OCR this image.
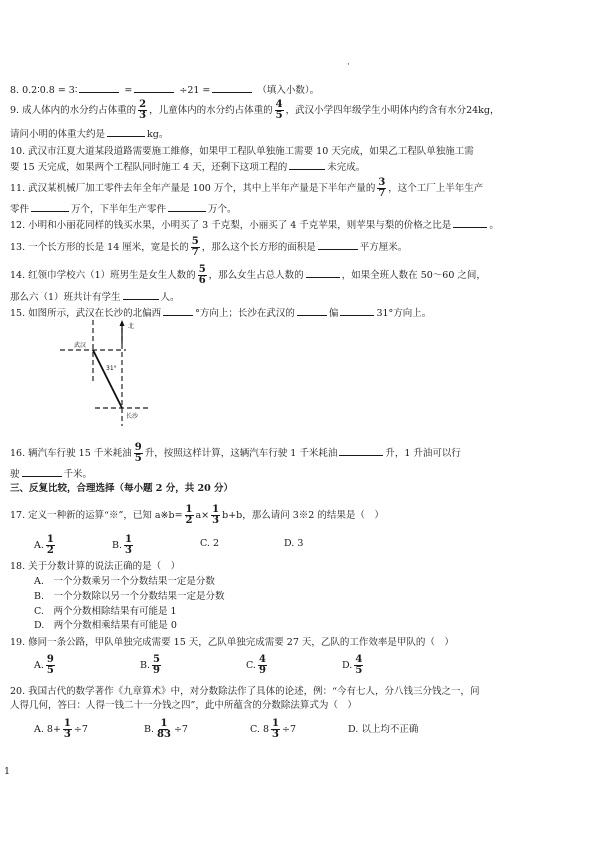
·
8. 0.2∶0.8 = 3∶	=	÷21 =	（填入小数）。
9. 成人体内的水分约占体重的 $\frac{2}{3}$ ，儿童体内的水分约占体重的 $\frac{4}{5}$ ，武汉小学四年级学生小明体内约含有水分24kg，
请问小明的体重大约是	kg。
10. 武汉市江夏大道某段道路需要施工維修，如果甲工程队单独施工需要 10 天完成，如果乙工程队单独施工需
要 15 天完成，如果两个工程队同时施工 4 天，还剩下这项工程的	未完成。
11. 武汉某机械厂加工零件去年全年产量是 100 万个，其中上半年产量是下半年产量的 $\frac{3}{7}$ ，这个工厂上半年生产
零件	万个，下半年生产零件	万个。
12. 小明和小丽花同样的钱买水果，小明买了 3 千克梨，小丽买了 4 千克苹果，则苹果与梨的价格之比是	。
13. 一个长方形的长是 14 厘米，宽是长的 $\frac{5}{7}$ ，那么这个长方形的面积是	平方厘米。
14. 红领巾学校六（1）班男生是女生人数的 $\frac{5}{6}$ ，那么女生占总人数的	，如果全班人数在 50～60 之间，
那么六（1）班共计有学生	人。
15. 如图所示，武汉在长沙的北偏西	°方向上；长沙在武汉的	偏	31°方向上。
北
武汉
长沙
31°
16. 辆汽车行驶 15 千米耗油 $\frac{9}{5}$ 升，按照这样计算，这辆汽车行驶 1 千米耗油	升，1 升油可以行
驶	千米。
三、反复比较，合理选择（每小题 2 分，共 20 分）
17. 定义一种新的运算“※”，已知 a※b= $\frac{1}{2} a\times \frac{1}{3} b+b$，那么请问 3※2 的结果是（　）
A. $\frac{1}{2}$	B. $\frac{1}{3}$	C. 2	D. 3
18. 关于分数计算的说法正确的是（　）
A.　一个分数乘另一个分数结果一定是分数
B.　一个分数除以另一个分数结果一定是分数
C.　两个分数相除结果有可能是 1
D.　两个分数相乘结果有可能是 0
19. 修同一条公路，甲队单独完成需要 15 天，乙队单独完成需要 27 天，乙队的工作效率是甲队的（　）
A. $\frac{9}{5}$	B. $\frac{5}{9}$	C. $\frac{4}{9}$	D. $\frac{4}{5}$
20. 我国古代的数学著作《九章算术》中，对分数除法作了具体的论述，例：“今有七人，分八钱三分钱之一，问
人得几何，答曰：人得一钱二十一分钱之四”，此中所蕴含的分数除法算式为（　）
A. $8+ \frac{1}{3} \div 7$	B. $\frac{1}{83} \div 7$	C. $8 \frac{1}{3} \div 7$	D. 以上均不正确
1
